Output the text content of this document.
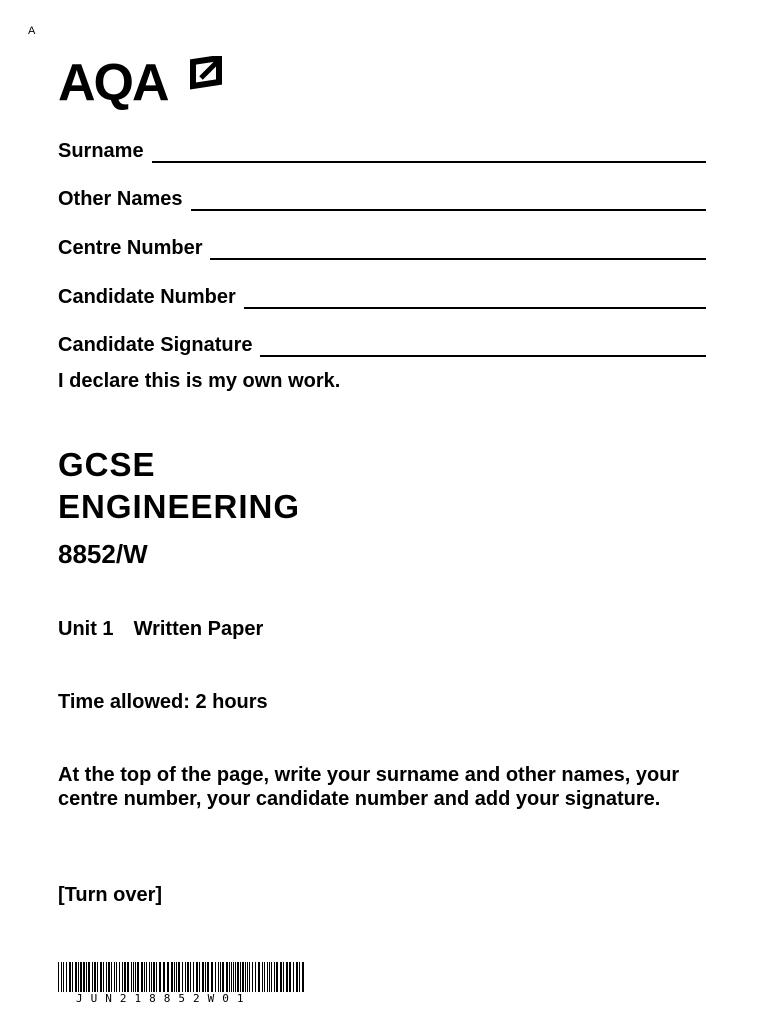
A
AQA
Surname
Other Names
Centre Number
Candidate Number
Candidate Signature
I declare this is my own work.
GCSE
ENGINEERING
8852/W
Unit 1 Written Paper
Time allowed: 2 hours
At the top of the page, write your surname and other names, your centre number, your candidate number and add your signature.
[Turn over]
JUN218852W01
